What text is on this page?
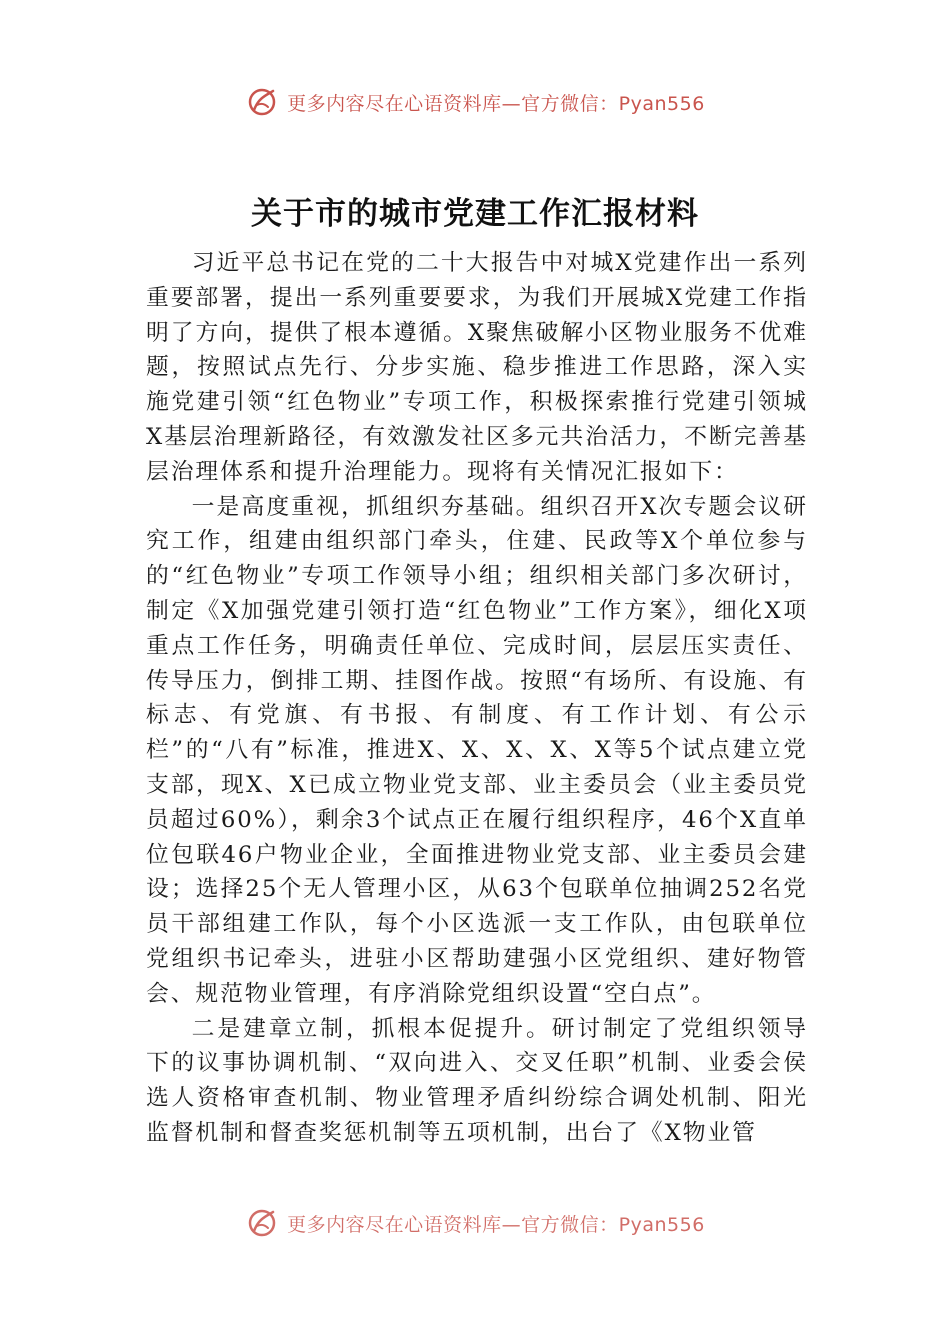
更多内容尽在心语资料库—官方微信：Pyan556
关于市的城市党建工作汇报材料

习近平总书记在党的二十大报告中对城X党建作出一系列重要部署，提出一系列重要要求，为我们开展城X党建工作指明了方向，提供了根本遵循。X聚焦破解小区物业服务不优难题，按照试点先行、分步实施、稳步推进工作思路，深入实施党建引领“红色物业”专项工作，积极探索推行党建引领城X基层治理新路径，有效激发社区多元共治活力，不断完善基层治理体系和提升治理能力。现将有关情况汇报如下：

一是高度重视，抓组织夯基础。组织召开X次专题会议研究工作，组建由组织部门牵头，住建、民政等X个单位参与的“红色物业”专项工作领导小组；组织相关部门多次研讨，制定《X加强党建引领打造“红色物业”工作方案》，细化X项重点工作任务，明确责任单位、完成时间，层层压实责任、传导压力，倒排工期、挂图作战。按照“有场所、有设施、有标志、有党旗、有书报、有制度、有工作计划、有公示栏”的“八有”标准，推进X、X、X、X、X等5个试点建立党支部，现X、X已成立物业党支部、业主委员会（业主委员党员超过60%），剩余3个试点正在履行组织程序，46个X直单位包联46户物业企业，全面推进物业党支部、业主委员会建设；选择25个无人管理小区，从63个包联单位抽调252名党员干部组建工作队，每个小区选派一支工作队，由包联单位党组织书记牵头，进驻小区帮助建强小区党组织、建好物管会、规范物业管理，有序消除党组织设置“空白点”。

二是建章立制，抓根本促提升。研讨制定了党组织领导下的议事协调机制、“双向进入、交叉任职”机制、业委会侯选人资格审查机制、物业管理矛盾纠纷综合调处机制、阳光监督机制和督查奖惩机制等五项机制，出台了《X物业管

更多内容尽在心语资料库—官方微信：Pyan556
